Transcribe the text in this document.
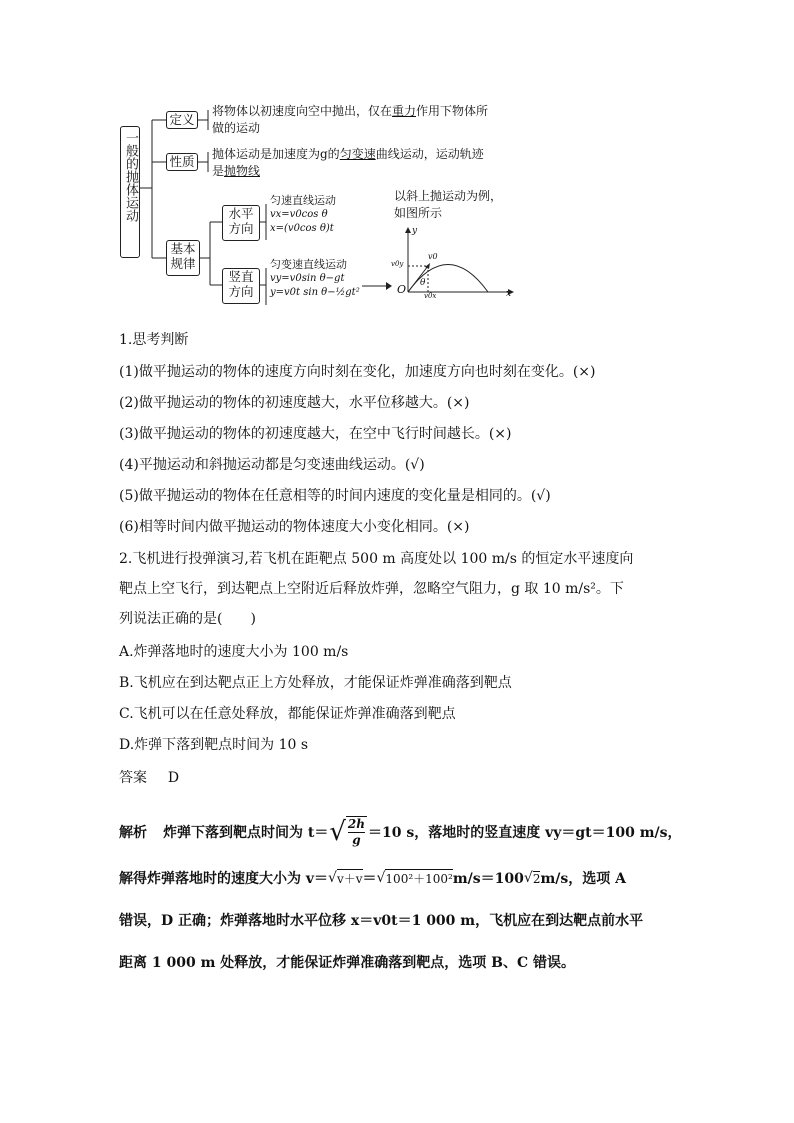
一般的抛体运动
定义
将物体以初速度向空中抛出，仅在重力作用下物体所
做的运动
性质 抛体运动是加速度为g的匀变速曲线运动，运动轨迹
是抛物线
基本
规律
水平
方向
匀速直线运动
vx=v0cos θ
x=(v0cos θ)t
竖直
方向
匀变速直线运动
vy=v0sin θ−gt
y=v0t sin θ−½gt²
以斜上抛运动为例，
如图所示
y
x
O
v0
v0y
v0x
θ
1.思考判断
(1)做平抛运动的物体的速度方向时刻在变化，加速度方向也时刻在变化。(×)
(2)做平抛运动的物体的初速度越大，水平位移越大。(×)
(3)做平抛运动的物体的初速度越大，在空中飞行时间越长。(×)
(4)平抛运动和斜抛运动都是匀变速曲线运动。(√)
(5)做平抛运动的物体在任意相等的时间内速度的变化量是相同的。(√)
(6)相等时间内做平抛运动的物体速度大小变化相同。(×)
2.飞机进行投弹演习,若飞机在距靶点 500 m 高度处以 100 m/s 的恒定水平速度向
靶点上空飞行，到达靶点上空附近后释放炸弹，忽略空气阻力，g 取 10 m/s²。下
列说法正确的是(　　)
A.炸弹落地时的速度大小为 100 m/s
B.飞机应在到达靶点正上方处释放，才能保证炸弹准确落到靶点
C.飞机可以在任意处释放，都能保证炸弹准确落到靶点
D.炸弹下落到靶点时间为 10 s
答案 D
解析 炸弹下落到靶点时间为 t＝ √ 2h
g ＝10 s，落地时的竖直速度 vy＝gt＝100 m/s，
解得炸弹落地时的速度大小为 v＝ √ v＋v ＝ √ 100²＋100² m/s＝100 √ 2 m/s，选项 A
错误，D 正确；炸弹落地时水平位移 x＝v0t＝1 000 m，飞机应在到达靶点前水平
距离 1 000 m 处释放，才能保证炸弹准确落到靶点，选项 B、C 错误。
